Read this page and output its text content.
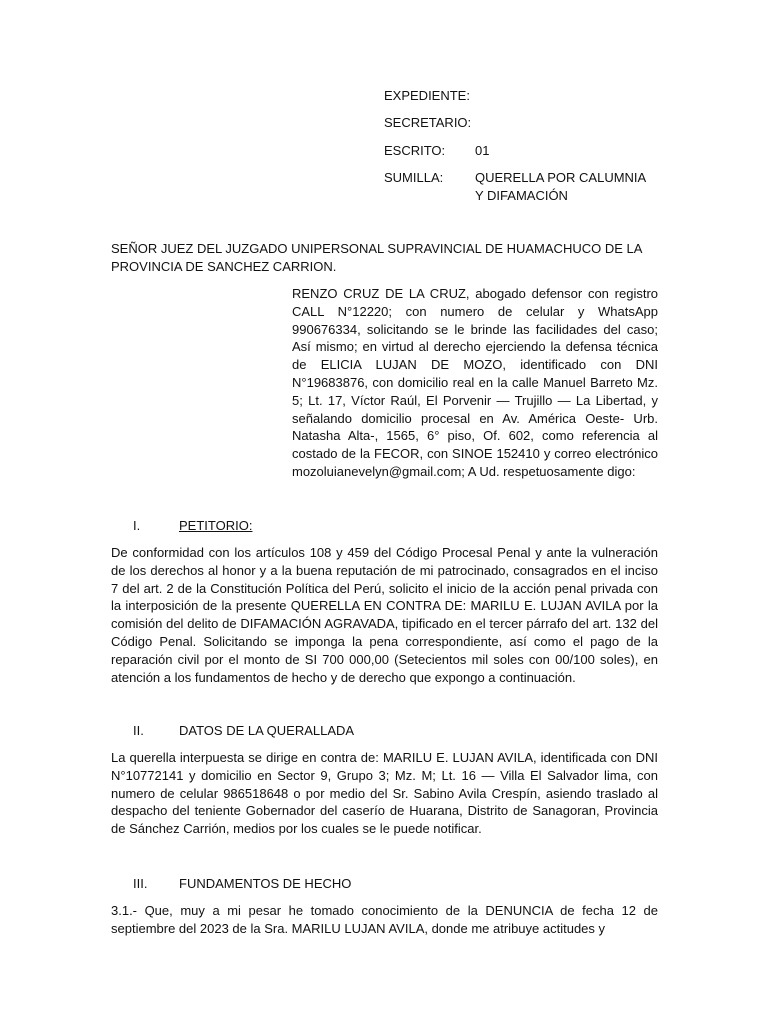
EXPEDIENTE:
SECRETARIO:
ESCRITO:	01
SUMILLA:	QUERELLA POR CALUMNIA Y DIFAMACIÓN
SEÑOR JUEZ DEL JUZGADO UNIPERSONAL SUPRAVINCIAL DE HUAMACHUCO DE LA PROVINCIA DE SANCHEZ CARRION.
RENZO CRUZ DE LA CRUZ, abogado defensor con registro CALL N°12220; con numero de celular y WhatsApp 990676334, solicitando se le brinde las facilidades del caso; Así mismo; en virtud al derecho ejerciendo la defensa técnica de ELICIA LUJAN DE MOZO, identificado con DNI N°19683876, con domicilio real en la calle Manuel Barreto Mz. 5; Lt. 17, Víctor Raúl, El Porvenir — Trujillo — La Libertad, y señalando domicilio procesal en Av. América Oeste- Urb. Natasha Alta-, 1565, 6° piso, Of. 602, como referencia al costado de la FECOR, con SINOE 152410 y correo electrónico mozoluianevelyn@gmail.com; A Ud. respetuosamente digo:
I.	PETITORIO:
De conformidad con los artículos 108 y 459 del Código Procesal Penal y ante la vulneración de los derechos al honor y a la buena reputación de mi patrocinado, consagrados en el inciso 7 del art. 2 de la Constitución Política del Perú, solicito el inicio de la acción penal privada con la interposición de la presente QUERELLA EN CONTRA DE: MARILU E. LUJAN AVILA por la comisión del delito de DIFAMACIÓN AGRAVADA, tipificado en el tercer párrafo del art. 132 del Código Penal. Solicitando se imponga la pena correspondiente, así como el pago de la reparación civil por el monto de SI 700 000,00 (Setecientos mil soles con 00/100 soles), en atención a los fundamentos de hecho y de derecho que expongo a continuación.
II.	DATOS DE LA QUERALLADA
La querella interpuesta se dirige en contra de: MARILU E. LUJAN AVILA, identificada con DNI N°10772141 y domicilio en Sector 9, Grupo 3; Mz. M; Lt. 16 — Villa El Salvador lima, con numero de celular 986518648 o por medio del Sr. Sabino Avila Crespín, asiendo traslado al despacho del teniente Gobernador del caserío de Huarana, Distrito de Sanagoran, Provincia de Sánchez Carrión, medios por los cuales se le puede notificar.
III.	FUNDAMENTOS DE HECHO
3.1.- Que, muy a mi pesar he tomado conocimiento de la DENUNCIA de fecha 12 de septiembre del 2023 de la Sra. MARILU LUJAN AVILA, donde me atribuye actitudes y
